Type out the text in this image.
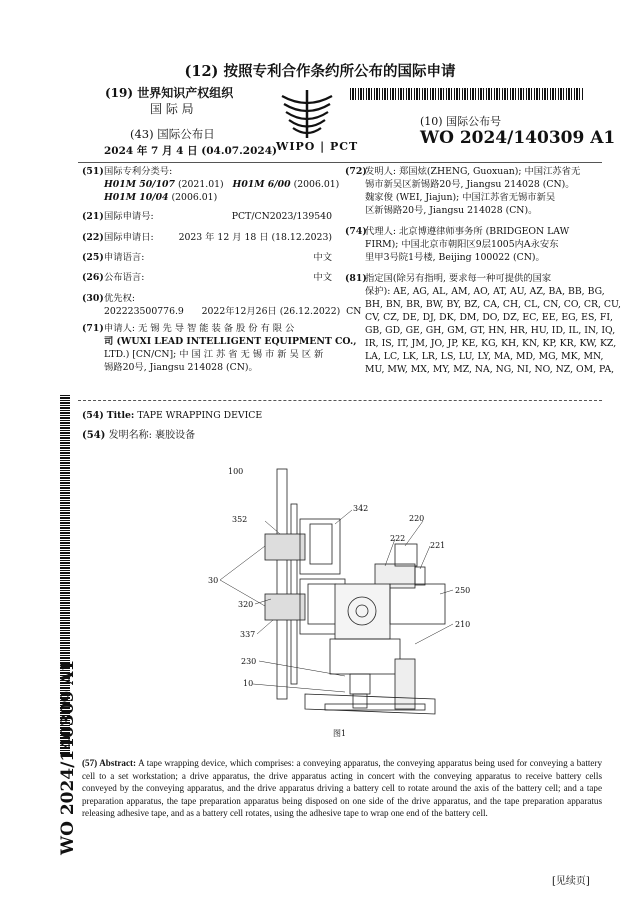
(12) 按照专利合作条约所公布的国际申请
(19) 世界知识产权组织
国 际 局
WIPO | PCT
(43) 国际公布日
2024 年 7 月 4 日 (04.07.2024)
(10) 国际公布号
WO 2024/140309 A1
(51) 国际专利分类号:
H01M 50/107 (2021.01) H01M 6/00 (2006.01)
H01M 10/04 (2006.01)
(21) 国际申请号:	PCT/CN2023/139540
(22) 国际申请日:	2023 年 12 月 18 日 (18.12.2023)
(25) 申请语言:	中文
(26) 公布语言:	中文
(30) 优先权:
202223500776.9 2022年12月26日 (26.12.2022) CN
(71) 申请人: 无 锡 先 导 智 能 装 备 股 份 有 限 公
司 (WUXI LEAD INTELLIGENT EQUIPMENT CO.,
LTD.) [CN/CN]; 中 国 江 苏 省 无 锡 市 新 吴 区 新
锡路20号, Jiangsu 214028 (CN)。
(72)
发明人: 郑国炫(ZHENG, Guoxuan); 中国江苏省无
锡市新吴区新锡路20号, Jiangsu 214028 (CN)。
魏家俊 (WEI, Jiajun); 中国江苏省无锡市新吴
区新锡路20号, Jiangsu 214028 (CN)。
(74)
代理人: 北京博遵律师事务所 (BRIDGEON LAW
FIRM); 中国北京市朝阳区9层1005内A永安东
里甲3号院1号楼, Beijing 100022 (CN)。
(81)
指定国(除另有指明, 要求每一种可提供的国家
保护): AE, AG, AL, AM, AO, AT, AU, AZ, BA, BB, BG,
BH, BN, BR, BW, BY, BZ, CA, CH, CL, CN, CO, CR, CU,
CV, CZ, DE, DJ, DK, DM, DO, DZ, EC, EE, EG, ES, FI,
GB, GD, GE, GH, GM, GT, HN, HR, HU, ID, IL, IN, IQ,
IR, IS, IT, JM, JO, JP, KE, KG, KH, KN, KP, KR, KW, KZ,
LA, LC, LK, LR, LS, LU, LY, MA, MD, MG, MK, MN,
MU, MW, MX, MY, MZ, NA, NG, NI, NO, NZ, OM, PA,
(54) Title: TAPE WRAPPING DEVICE
(54) 发明名称: 裹胶设备
100
352
342
220
222
221
30
250
320
337
210
230
10
图1
WO 2024/140309 A1 (57) Abstract: A tape wrapping device, which comprises: a conveying apparatus, the conveying apparatus being used for conveying a battery cell to a set workstation; a drive apparatus, the drive apparatus acting in concert with the conveying apparatus to receive battery cells conveyed by the conveying apparatus, and the drive apparatus driving a battery cell to rotate around the axis of the battery cell; and a tape preparation apparatus, the tape preparation apparatus being disposed on one side of the drive apparatus, and the tape preparation apparatus releasing adhesive tape, and as a battery cell rotates, using the adhesive tape to wrap one end of the battery cell.
[见续页]
